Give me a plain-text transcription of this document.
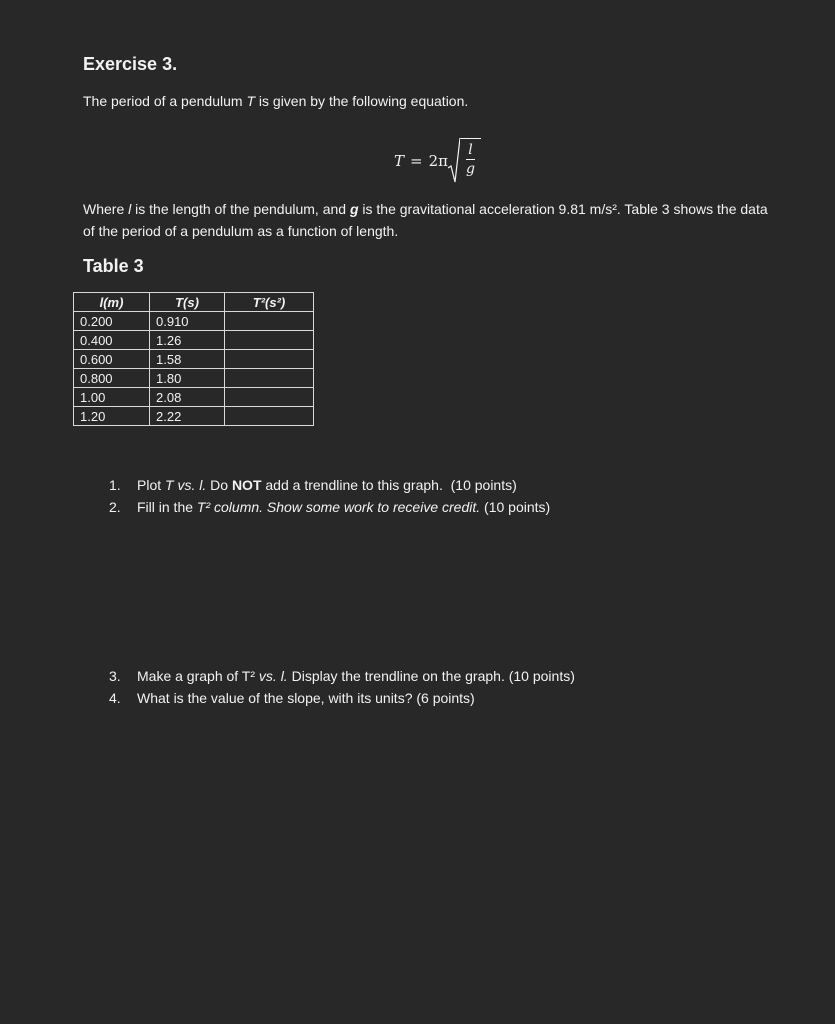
Exercise 3.

The period of a pendulum T is given by the following equation.

$T = 2\pi \frac{l}{g}$

Where l is the length of the pendulum, and g is the gravitational acceleration 9.81 m/s². Table 3 shows the data of the period of a pendulum as a function of length.

Table 3
l(m)	T(s)	T²(s²)
0.200	0.910	
0.400	1.26	
0.600	1.58	
0.800	1.80	
1.00	2.08	
1.20	2.22	
1.	Plot T vs. l. Do NOT add a trendline to this graph.  (10 points)
2.	Fill in the T² column. Show some work to receive credit. (10 points)
3.	Make a graph of T² vs. l. Display the trendline on the graph. (10 points)
4.	What is the value of the slope, with its units? (6 points)
